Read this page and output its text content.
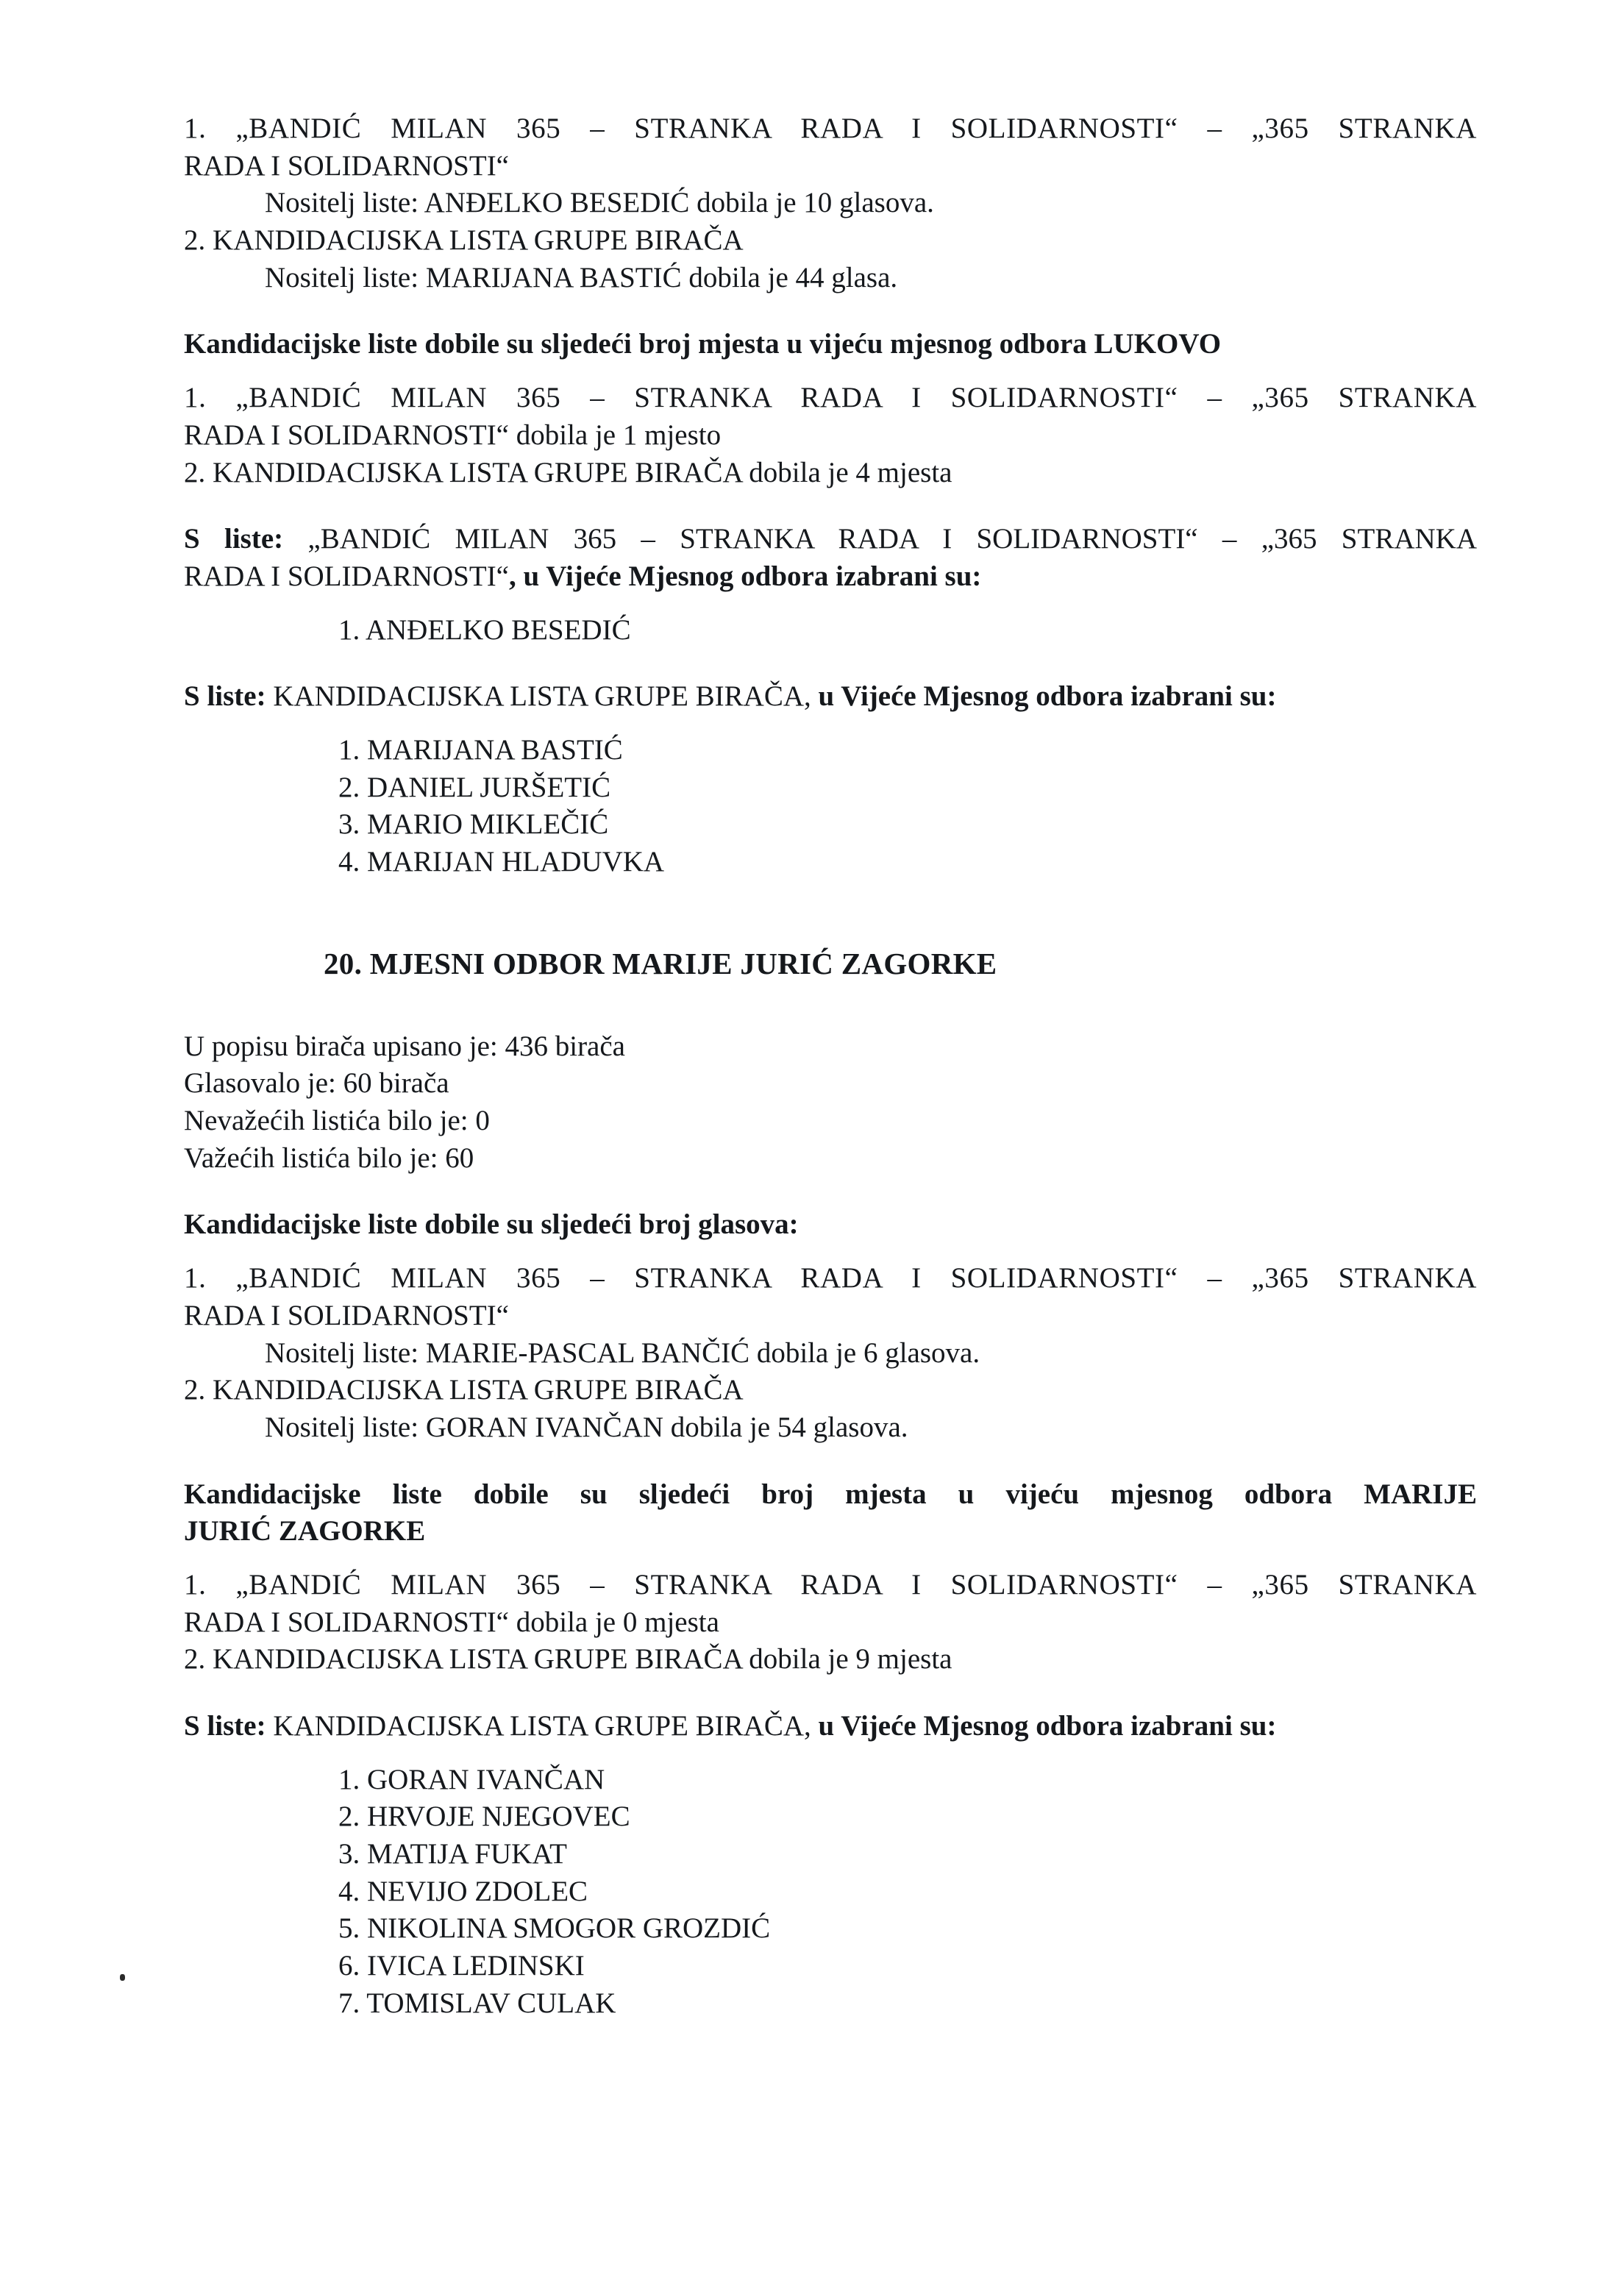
1. „BANDIĆ MILAN 365 – STRANKA RADA I SOLIDARNOSTI“ – „365 STRANKA
RADA I SOLIDARNOSTI“
Nositelj liste: ANĐELKO BESEDIĆ dobila je 10 glasova.
2. KANDIDACIJSKA LISTA GRUPE BIRAČA
Nositelj liste: MARIJANA BASTIĆ dobila je 44 glasa.
Kandidacijske liste dobile su sljedeći broj mjesta u vijeću mjesnog odbora LUKOVO
1. „BANDIĆ MILAN 365 – STRANKA RADA I SOLIDARNOSTI“ – „365 STRANKA
RADA I SOLIDARNOSTI“ dobila je 1 mjesto
2. KANDIDACIJSKA LISTA GRUPE BIRAČA dobila je 4 mjesta
S liste: „BANDIĆ MILAN 365 – STRANKA RADA I SOLIDARNOSTI“ – „365 STRANKA
RADA I SOLIDARNOSTI“, u Vijeće Mjesnog odbora izabrani su:
1. ANĐELKO BESEDIĆ
S liste: KANDIDACIJSKA LISTA GRUPE BIRAČA, u Vijeće Mjesnog odbora izabrani su:
1. MARIJANA BASTIĆ
2. DANIEL JURŠETIĆ
3. MARIO MIKLEČIĆ
4. MARIJAN HLADUVKA
20. MJESNI ODBOR MARIJE JURIĆ ZAGORKE
U popisu birača upisano je: 436 birača
Glasovalo je: 60 birača
Nevažećih listića bilo je: 0
Važećih listića bilo je: 60
Kandidacijske liste dobile su sljedeći broj glasova:
1. „BANDIĆ MILAN 365 – STRANKA RADA I SOLIDARNOSTI“ – „365 STRANKA
RADA I SOLIDARNOSTI“
Nositelj liste: MARIE-PASCAL BANČIĆ dobila je 6 glasova.
2. KANDIDACIJSKA LISTA GRUPE BIRAČA
Nositelj liste: GORAN IVANČAN dobila je 54 glasova.
Kandidacijske liste dobile su sljedeći broj mjesta u vijeću mjesnog odbora MARIJE
JURIĆ ZAGORKE
1. „BANDIĆ MILAN 365 – STRANKA RADA I SOLIDARNOSTI“ – „365 STRANKA
RADA I SOLIDARNOSTI“ dobila je 0 mjesta
2. KANDIDACIJSKA LISTA GRUPE BIRAČA dobila je 9 mjesta
S liste: KANDIDACIJSKA LISTA GRUPE BIRAČA, u Vijeće Mjesnog odbora izabrani su:
1. GORAN IVANČAN
2. HRVOJE NJEGOVEC
3. MATIJA FUKAT
4. NEVIJO ZDOLEC
5. NIKOLINA SMOGOR GROZDIĆ
6. IVICA LEDINSKI
7. TOMISLAV CULAK
